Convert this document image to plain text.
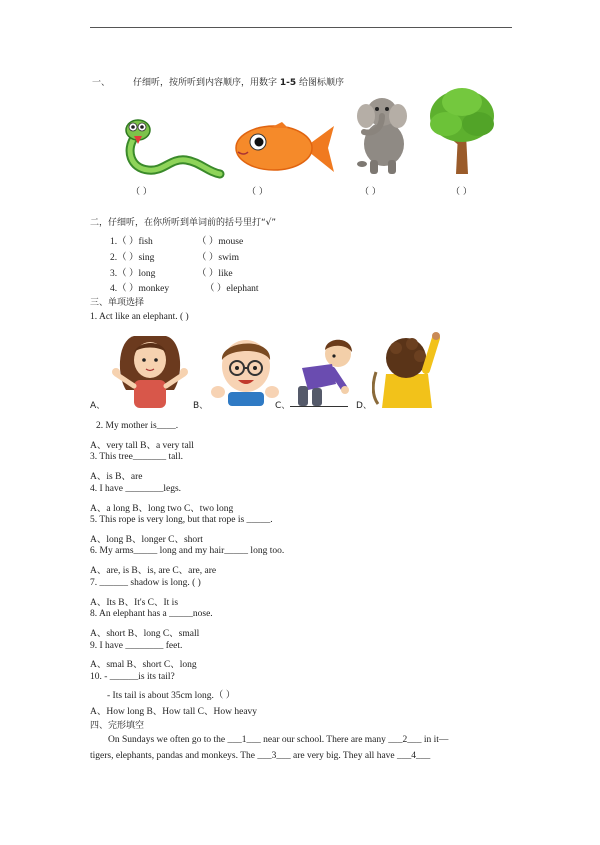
一、	仔细听，按所听到内容顺序，用数字 1-5 给图标顺序
（ ）	（ ）	（ ）	（ ）
二，仔细听，在你所听到单词前的括号里打“√”
1.（ ）fish	（ ）mouse
2.（ ）sing	（ ）swim
3.（ ）long	（ ）like
4.（ ）monkey	（ ）elephant
三、单项选择
1. Act like an elephant. ( )
A、	B、	C、	D、
2. My mother is____.
A、very tall B、a very tall
3. This tree_______ tall.
A、is B、are
4. I have ________legs.
A、a long B、long two C、two long
5. This rope is very long, but that rope is _____.
A、long B、longer C、short
6. My arms_____ long and my hair_____ long too.
A、are, is B、is, are C、are, are
7. ______ shadow is long. ( )
A、Its B、It's C、It is
8. An elephant has a _____nose.
A、short B、long C、small
9. I have ________ feet.
A、smal B、short C、long
10. - ______is its tail?
- Its tail is about 35cm long.（ ）
A、How long B、How tall C、How heavy
四、完形填空
On Sundays we often go to the ___1___ near our school. There are many ___2___ in it—
tigers, elephants, pandas and monkeys. The ___3___ are very big. They all have ___4___
